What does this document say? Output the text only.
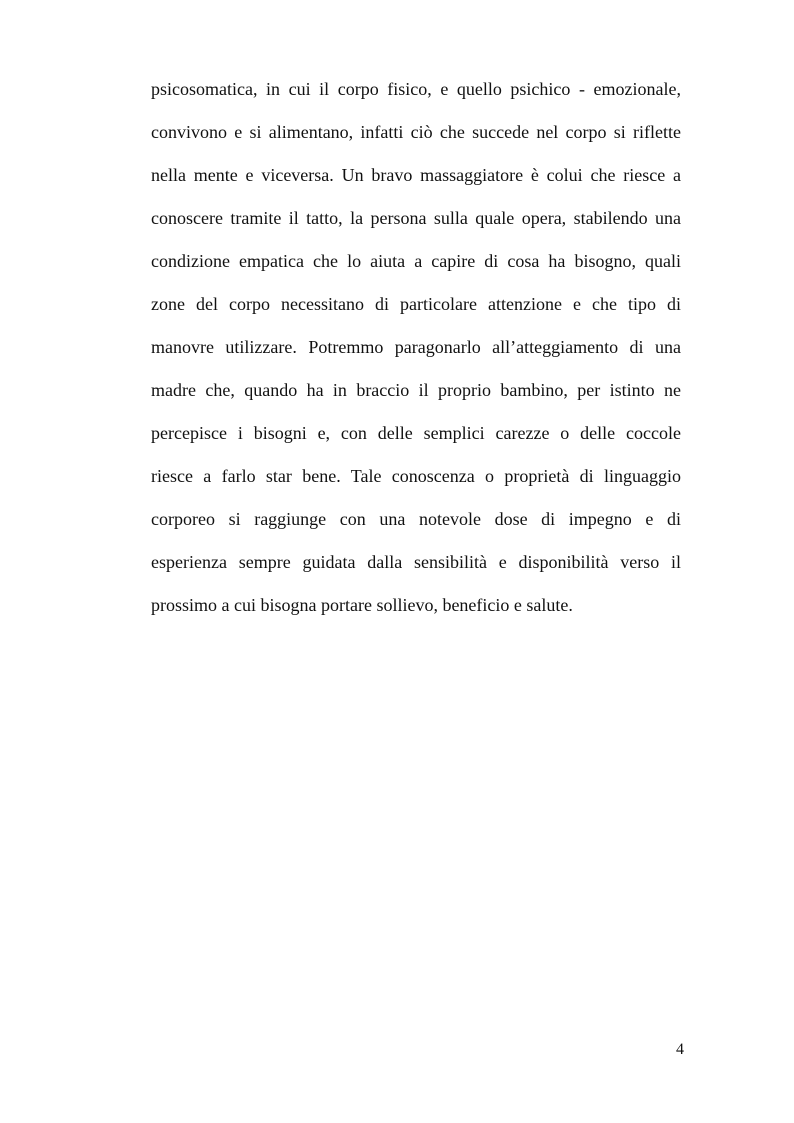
psicosomatica, in cui il corpo fisico, e quello psichico - emozionale,
convivono e si alimentano, infatti ciò che succede nel corpo si riflette
nella mente e viceversa. Un bravo massaggiatore è colui che riesce a
conoscere tramite il tatto, la persona sulla quale opera, stabilendo una
condizione empatica che lo aiuta a capire di cosa ha bisogno, quali
zone del corpo necessitano di particolare attenzione e che tipo di
manovre utilizzare. Potremmo paragonarlo all’atteggiamento di una
madre che, quando ha in braccio il proprio bambino, per istinto ne
percepisce i bisogni e, con delle semplici carezze o delle coccole
riesce a farlo star bene. Tale conoscenza o proprietà di linguaggio
corporeo si raggiunge con una notevole dose di impegno e di
esperienza sempre guidata dalla sensibilità e disponibilità verso il
prossimo a cui bisogna portare sollievo, beneficio e salute.
4
